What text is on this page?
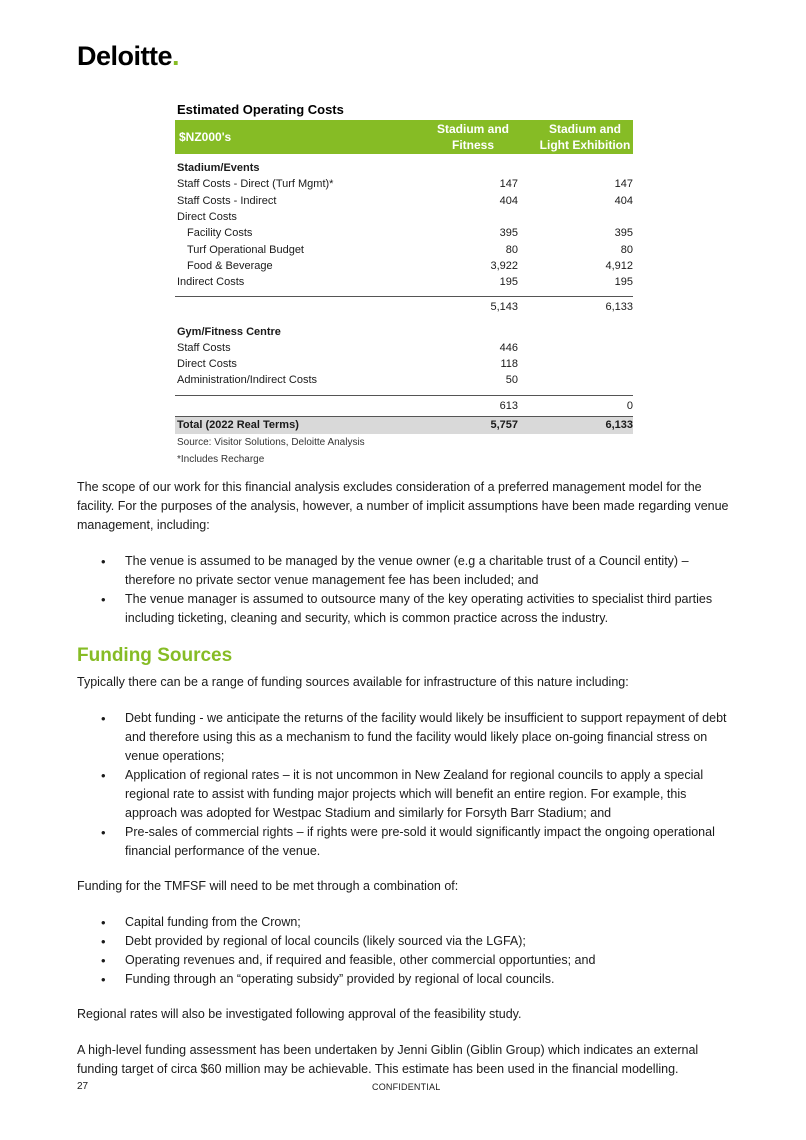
Deloitte.
Estimated Operating Costs
$NZ000's	Stadium and Fitness		Stadium and Light Exhibition

Stadium/Events			
Staff Costs - Direct (Turf Mgmt)*	147		147
Staff Costs - Indirect	404		404
Direct Costs			
Facility Costs	395		395
Turf Operational Budget	80		80
Food & Beverage	3,922		4,912
Indirect Costs	195		195

	5,143		6,133

Gym/Fitness Centre			
Staff Costs	446		
Direct Costs	118		
Administration/Indirect Costs	50		

	613		0
Total (2022 Real Terms)	5,757		6,133
Source: Visitor Solutions, Deloitte Analysis
*Includes Recharge

The scope of our work for this financial analysis excludes consideration of a preferred management model for the facility. For the purposes of the analysis, however, a number of implicit assumptions have been made regarding venue management, including:

• The venue is assumed to be managed by the venue owner (e.g a charitable trust of a Council entity) – therefore no private sector venue management fee has been included; and
• The venue manager is assumed to outsource many of the key operating activities to specialist third parties including ticketing, cleaning and security, which is common practice across the industry.
Funding Sources

Typically there can be a range of funding sources available for infrastructure of this nature including:

• Debt funding - we anticipate the returns of the facility would likely be insufficient to support repayment of debt and therefore using this as a mechanism to fund the facility would likely place on-going financial stress on venue operations;
• Application of regional rates – it is not uncommon in New Zealand for regional councils to apply a special regional rate to assist with funding major projects which will benefit an entire region. For example, this approach was adopted for Westpac Stadium and similarly for Forsyth Barr Stadium; and
• Pre-sales of commercial rights – if rights were pre-sold it would significantly impact the ongoing operational financial performance of the venue.

Funding for the TMFSF will need to be met through a combination of:

• Capital funding from the Crown;
• Debt provided by regional of local councils (likely sourced via the LGFA);
• Operating revenues and, if required and feasible, other commercial opportunties; and
• Funding through an “operating subsidy” provided by regional of local councils.

Regional rates will also be investigated following approval of the feasibility study.

A high-level funding assessment has been undertaken by Jenni Giblin (Giblin Group) which indicates an external funding target of circa $60 million may be achievable. This estimate has been used in the financial modelling.

27	CONFIDENTIAL
